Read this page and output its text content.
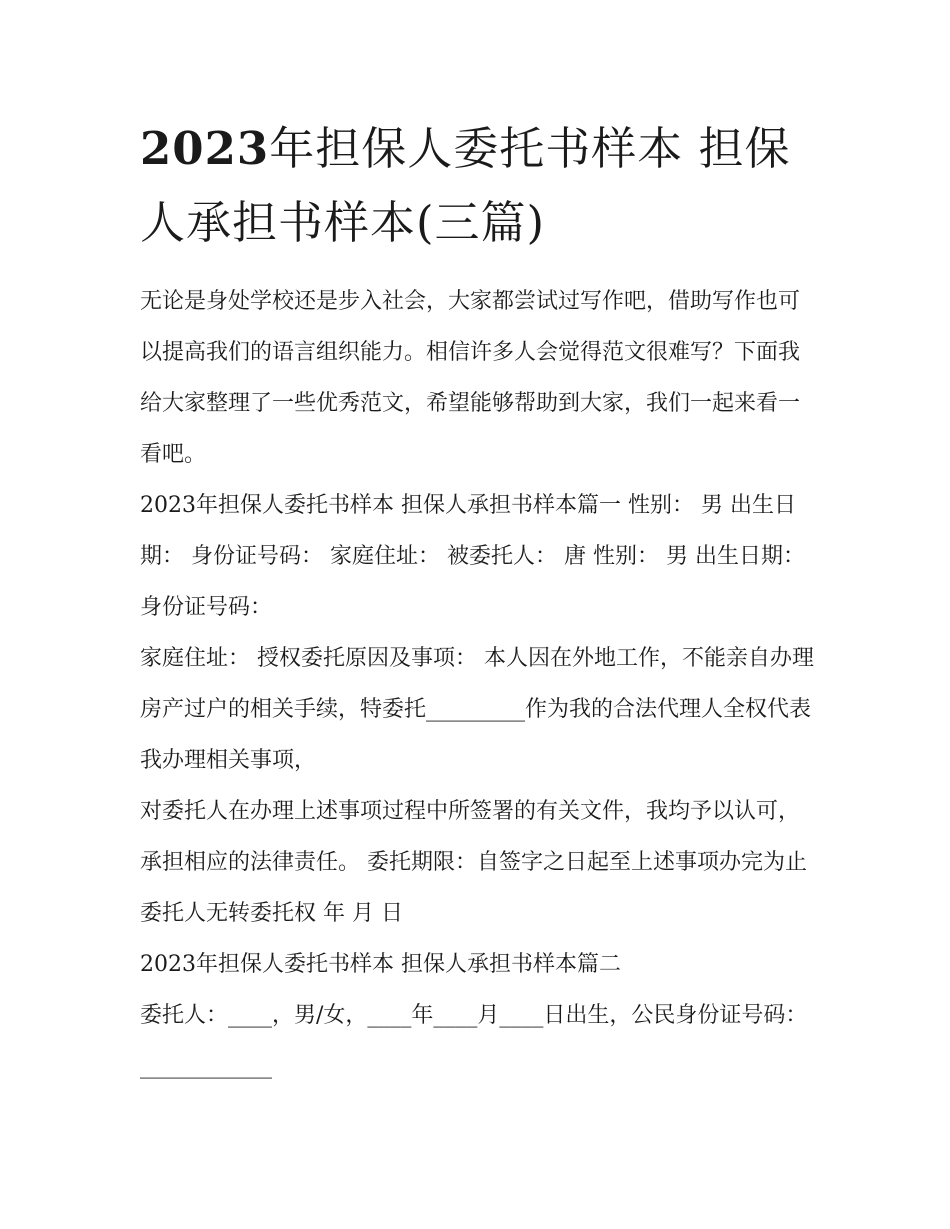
2023年担保人委托书样本 担保人承担书样本(三篇)

无论是身处学校还是步入社会，大家都尝试过写作吧，借助写作也可以提高我们的语言组织能力。相信许多人会觉得范文很难写？下面我给大家整理了一些优秀范文，希望能够帮助到大家，我们一起来看一看吧。

2023年担保人委托书样本 担保人承担书样本篇一 性别： 男 出生日期： 身份证号码： 家庭住址： 被委托人： 唐 性别： 男 出生日期： 身份证号码：

家庭住址： 授权委托原因及事项： 本人因在外地工作，不能亲自办理房产过户的相关手续，特委托_________作为我的合法代理人全权代表我办理相关事项，

对委托人在办理上述事项过程中所签署的有关文件，我均予以认可，承担相应的法律责任。 委托期限：自签字之日起至上述事项办完为止 委托人无转委托权 年 月 日

2023年担保人委托书样本 担保人承担书样本篇二

委托人：____，男/女，____年____月____日出生，公民身份证号码：____________
